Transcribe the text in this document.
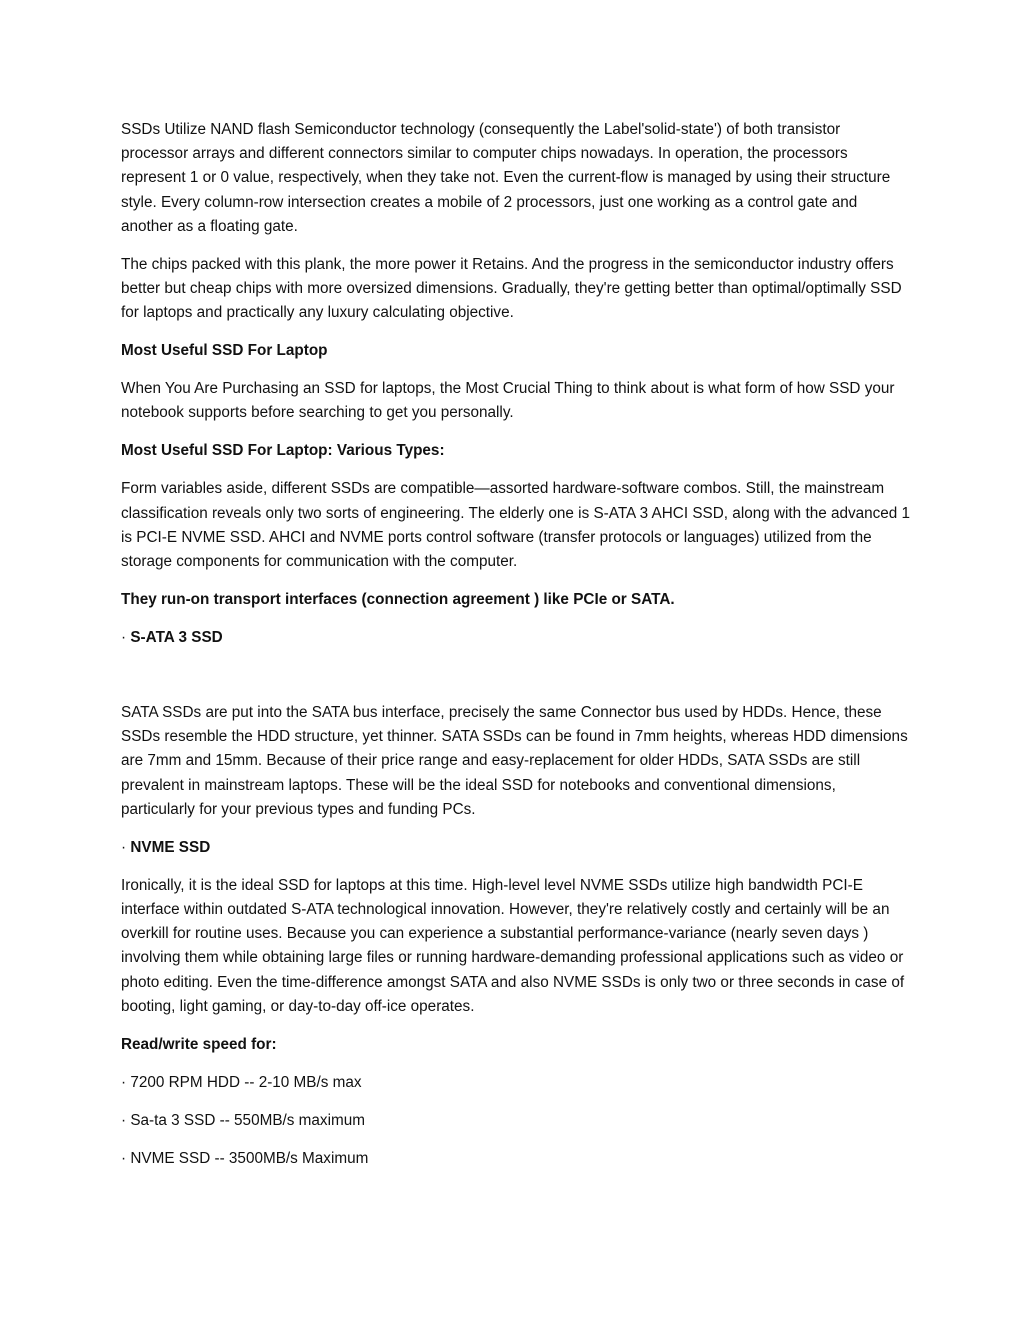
SSDs Utilize NAND flash Semiconductor technology (consequently the Label'solid-state') of both transistor processor arrays and different connectors similar to computer chips nowadays. In operation, the processors represent 1 or 0 value, respectively, when they take not. Even the current-flow is managed by using their structure style. Every column-row intersection creates a mobile of 2 processors, just one working as a control gate and another as a floating gate.

The chips packed with this plank, the more power it Retains. And the progress in the semiconductor industry offers better but cheap chips with more oversized dimensions. Gradually, they're getting better than optimal/optimally SSD for laptops and practically any luxury calculating objective.

Most Useful SSD For Laptop

When You Are Purchasing an SSD for laptops, the Most Crucial Thing to think about is what form of how SSD your notebook supports before searching to get you personally.

Most Useful SSD For Laptop: Various Types:

Form variables aside, different SSDs are compatible—assorted hardware-software combos. Still, the mainstream classification reveals only two sorts of engineering. The elderly one is S-ATA 3 AHCI SSD, along with the advanced 1 is PCI-E NVME SSD. AHCI and NVME ports control software (transfer protocols or languages) utilized from the storage components for communication with the computer.

They run-on transport interfaces (connection agreement ) like PCIe or SATA.

· S-ATA 3 SSD

SATA SSDs are put into the SATA bus interface, precisely the same Connector bus used by HDDs. Hence, these SSDs resemble the HDD structure, yet thinner. SATA SSDs can be found in 7mm heights, whereas HDD dimensions are 7mm and 15mm. Because of their price range and easy-replacement for older HDDs, SATA SSDs are still prevalent in mainstream laptops. These will be the ideal SSD for notebooks and conventional dimensions, particularly for your previous types and funding PCs.

· NVME SSD

Ironically, it is the ideal SSD for laptops at this time. High-level level NVME SSDs utilize high bandwidth PCI-E interface within outdated S-ATA technological innovation. However, they're relatively costly and certainly will be an overkill for routine uses. Because you can experience a substantial performance-variance (nearly seven days ) involving them while obtaining large files or running hardware-demanding professional applications such as video or photo editing. Even the time-difference amongst SATA and also NVME SSDs is only two or three seconds in case of booting, light gaming, or day-to-day off-ice operates.

Read/write speed for:

· 7200 RPM HDD -- 2-10 MB/s max

· Sa-ta 3 SSD -- 550MB/s maximum

· NVME SSD -- 3500MB/s Maximum
